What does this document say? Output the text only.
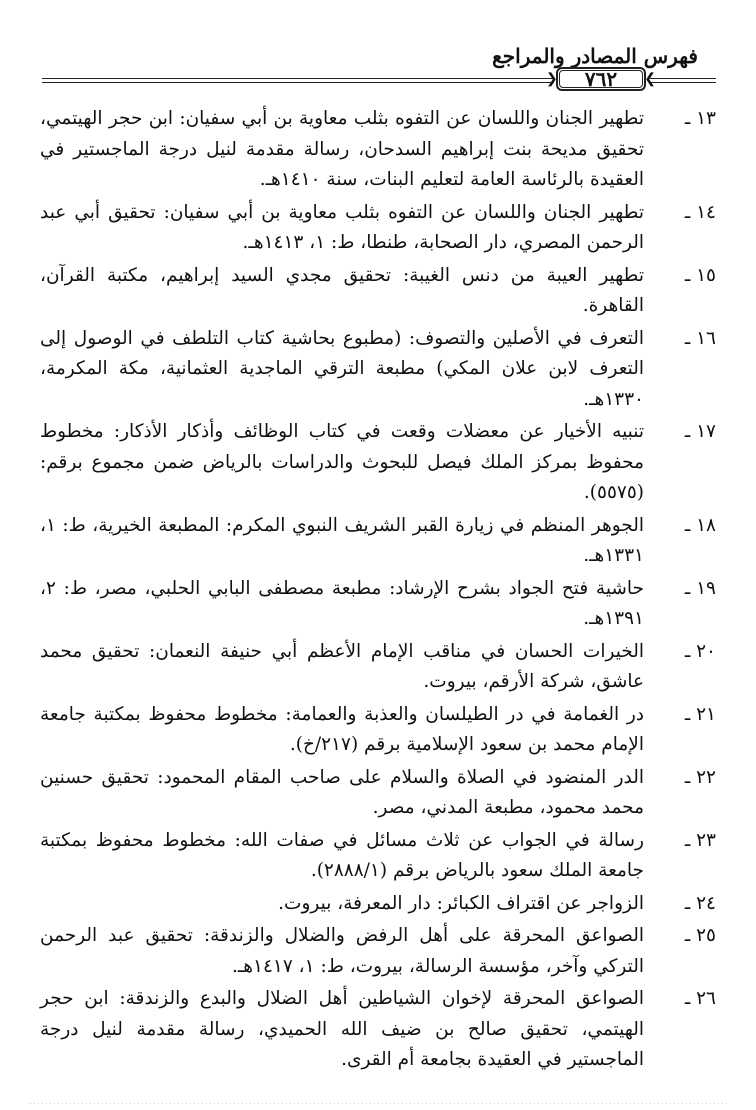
فهرس المصادر والمراجع
❮	❯
٧٦٢
١٣ ـ
تطهير الجنان واللسان عن التفوه بثلب معاوية بن أبي سفيان: ابن حجر الهيتمي، تحقيق مديحة بنت إبراهيم السدحان، رسالة مقدمة لنيل درجة الماجستير في العقيدة بالرئاسة العامة لتعليم البنات، سنة ١٤١٠هـ.
١٤ ـ
تطهير الجنان واللسان عن التفوه بثلب معاوية بن أبي سفيان: تحقيق أبي عبد الرحمن المصري، دار الصحابة، طنطا، ط: ١، ١٤١٣هـ.
١٥ ـ
تطهير العيبة من دنس الغيبة: تحقيق مجدي السيد إبراهيم، مكتبة القرآن، القاهرة.
١٦ ـ
التعرف في الأصلين والتصوف: (مطبوع بحاشية كتاب التلطف في الوصول إلى التعرف لابن علان المكي) مطبعة الترقي الماجدية العثمانية، مكة المكرمة، ١٣٣٠هـ.
١٧ ـ
تنبيه الأخيار عن معضلات وقعت في كتاب الوظائف وأذكار الأذكار: مخطوط محفوظ بمركز الملك فيصل للبحوث والدراسات بالرياض ضمن مجموع برقم: (٥٥٧٥).
١٨ ـ
الجوهر المنظم في زيارة القبر الشريف النبوي المكرم: المطبعة الخيرية، ط: ١، ١٣٣١هـ.
١٩ ـ
حاشية فتح الجواد بشرح الإرشاد: مطبعة مصطفى البابي الحلبي، مصر، ط: ٢، ١٣٩١هـ.
٢٠ ـ
الخيرات الحسان في مناقب الإمام الأعظم أبي حنيفة النعمان: تحقيق محمد عاشق، شركة الأرقم، بيروت.
٢١ ـ
در الغمامة في در الطيلسان والعذبة والعمامة: مخطوط محفوظ بمكتبة جامعة الإمام محمد بن سعود الإسلامية برقم (٢١٧/خ).
٢٢ ـ
الدر المنضود في الصلاة والسلام على صاحب المقام المحمود: تحقيق حسنين محمد محمود، مطبعة المدني، مصر.
٢٣ ـ
رسالة في الجواب عن ثلاث مسائل في صفات الله: مخطوط محفوظ بمكتبة جامعة الملك سعود بالرياض برقم (٢٨٨٨/١).
٢٤ ـ
الزواجر عن اقتراف الكبائر: دار المعرفة، بيروت.
٢٥ ـ
الصواعق المحرقة على أهل الرفض والضلال والزندقة: تحقيق عبد الرحمن التركي وآخر، مؤسسة الرسالة، بيروت، ط: ١، ١٤١٧هـ.
٢٦ ـ
الصواعق المحرقة لإخوان الشياطين أهل الضلال والبدع والزندقة: ابن حجر الهيتمي، تحقيق صالح بن ضيف الله الحميدي، رسالة مقدمة لنيل درجة الماجستير في العقيدة بجامعة أم القرى.
